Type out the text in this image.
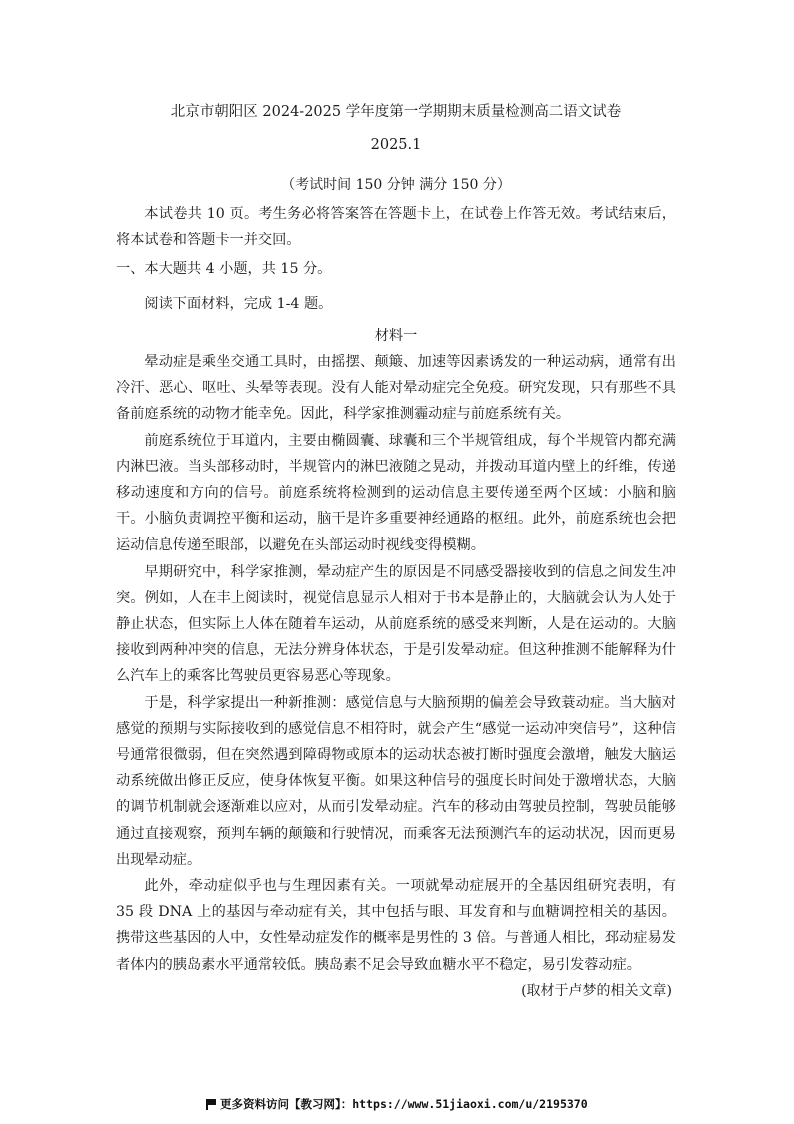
北京市朝阳区 2024-2025 学年度第一学期期末质量检测高二语文试卷

2025.1

（考试时间 150 分钟 满分 150 分）

本试卷共 10 页。考生务必将答案答在答题卡上，在试卷上作答无效。考试结束后，将本试卷和答题卡一并交回。

一、本大题共 4 小题，共 15 分。

阅读下面材料，完成 1-4 题。

材料一

晕动症是乘坐交通工具时，由摇摆、颠簸、加速等因素诱发的一种运动病，通常有出冷汗、恶心、呕吐、头晕等表现。没有人能对晕动症完全免疫。研究发现，只有那些不具备前庭系统的动物才能幸免。因此，科学家推测霾动症与前庭系统有关。

前庭系统位于耳道内，主要由椭圆囊、球囊和三个半规管组成，每个半规管内都充满内淋巴液。当头部移动时，半规管内的淋巴液随之晃动，并拨动耳道内壁上的纤维，传递移动速度和方向的信号。前庭系统将检测到的运动信息主要传递至两个区域：小脑和脑干。小脑负责调控平衡和运动，脑干是许多重要神经通路的枢纽。此外，前庭系统也会把运动信息传递至眼部，以避免在头部运动时视线变得模糊。

早期研究中，科学家推测，晕动症产生的原因是不同感受器接收到的信息之间发生冲突。例如，人在丰上阅读时，视觉信息显示人相对于书本是静止的，大脑就会认为人处于静止状态，但实际上人体在随着车运动，从前庭系统的感受来判断，人是在运动的。大脑接收到两种冲突的信息，无法分辨身体状态，于是引发晕动症。但这种推测不能解释为什么汽车上的乘客比驾驶员更容易恶心等现象。

于是，科学家提出一种新推测：感觉信息与大脑预期的偏差会导致蓑动症。当大脑对感觉的预期与实际接收到的感觉信息不相符时，就会产生“感觉一运动冲突信号”，这种信号通常很微弱，但在突然遇到障碍物或原本的运动状态被打断时强度会激增，触发大脑运动系统做出修正反应，使身体恢复平衡。如果这种信号的强度长时间处于激增状态，大脑的调节机制就会逐渐难以应对，从而引发晕动症。汽车的移动由驾驶员控制，驾驶员能够通过直接观察，预判车辆的颠簸和行驶情况，而乘客无法预测汽车的运动状况，因而更易出现晕动症。

此外，牵动症似乎也与生理因素有关。一项就晕动症展开的全基因组研究表明，有 35 段 DNA 上的基因与牵动症有关，其中包括与眼、耳发育和与血糖调控相关的基因。携带这些基因的人中，女性晕动症发作的概率是男性的 3 倍。与普通人相比，邳动症易发者体内的胰岛素水平通常较低。胰岛素不足会导致血糖水平不稳定，易引发蓉动症。

(取材于卢梦的相关文章)

更多资料访问【教习网】：https://www.51jiaoxi.com/u/2195370
